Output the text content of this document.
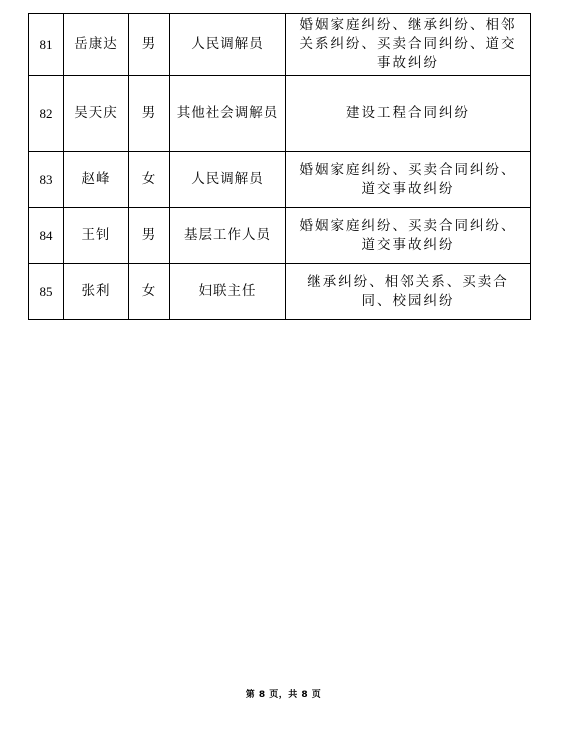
81	岳康达	男	人民调解员	婚姻家庭纠纷、继承纠纷、相邻关系纠纷、买卖合同纠纷、道交事故纠纷
82	吴天庆	男	其他社会调解员	建设工程合同纠纷
83	赵峰	女	人民调解员	婚姻家庭纠纷、买卖合同纠纷、道交事故纠纷
84	王钊	男	基层工作人员	婚姻家庭纠纷、买卖合同纠纷、道交事故纠纷
85	张利	女	妇联主任	继承纠纷、相邻关系、买卖合同、校园纠纷
第 8 页，共 8 页
